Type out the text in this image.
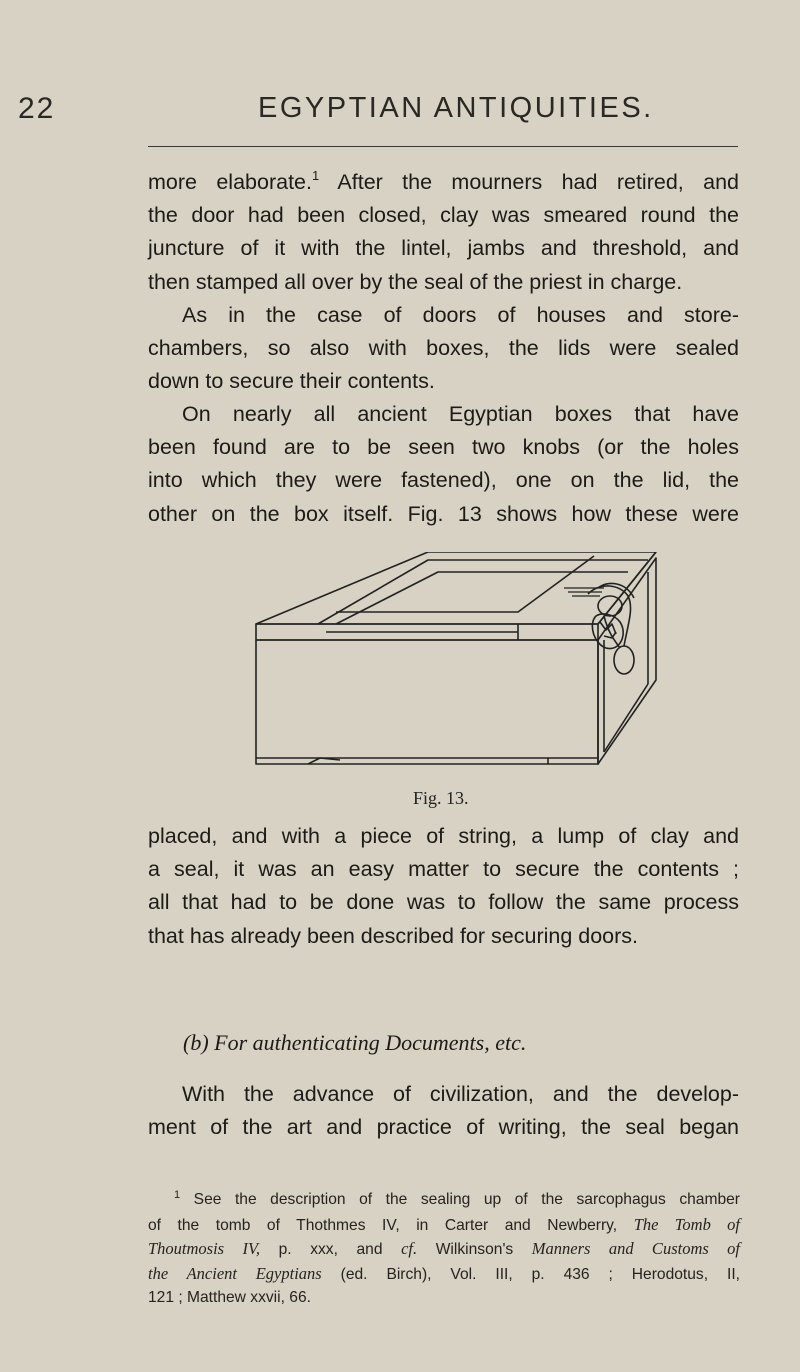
22	EGYPTIAN ANTIQUITIES.
more elaborate.$^1$ After the mourners had retired, and
the door had been closed, clay was smeared round the
juncture of it with the lintel, jambs and threshold, and
then stamped all over by the seal of the priest in charge.
As in the case of doors of houses and store-
chambers, so also with boxes, the lids were sealed
down to secure their contents.
On nearly all ancient Egyptian boxes that have
been found are to be seen two knobs (or the holes
into which they were fastened), one on the lid, the
other on the box itself. Fig. 13 shows how these were
Fig. 13.
placed, and with a piece of string, a lump of clay and
a seal, it was an easy matter to secure the contents ;
all that had to be done was to follow the same process
that has already been described for securing doors.
(b) For authenticating Documents, etc.
With the advance of civilization, and the develop-
ment of the art and practice of writing, the seal began
$^1$ See the description of the sealing up of the sarcophagus chamber
of the tomb of Thothmes IV, in Carter and Newberry, The Tomb of
Thoutmosis IV, p. xxx, and cf. Wilkinson's Manners and Customs of
the Ancient Egyptians (ed. Birch), Vol. III, p. 436 ; Herodotus, II,
121 ; Matthew xxvii, 66.
